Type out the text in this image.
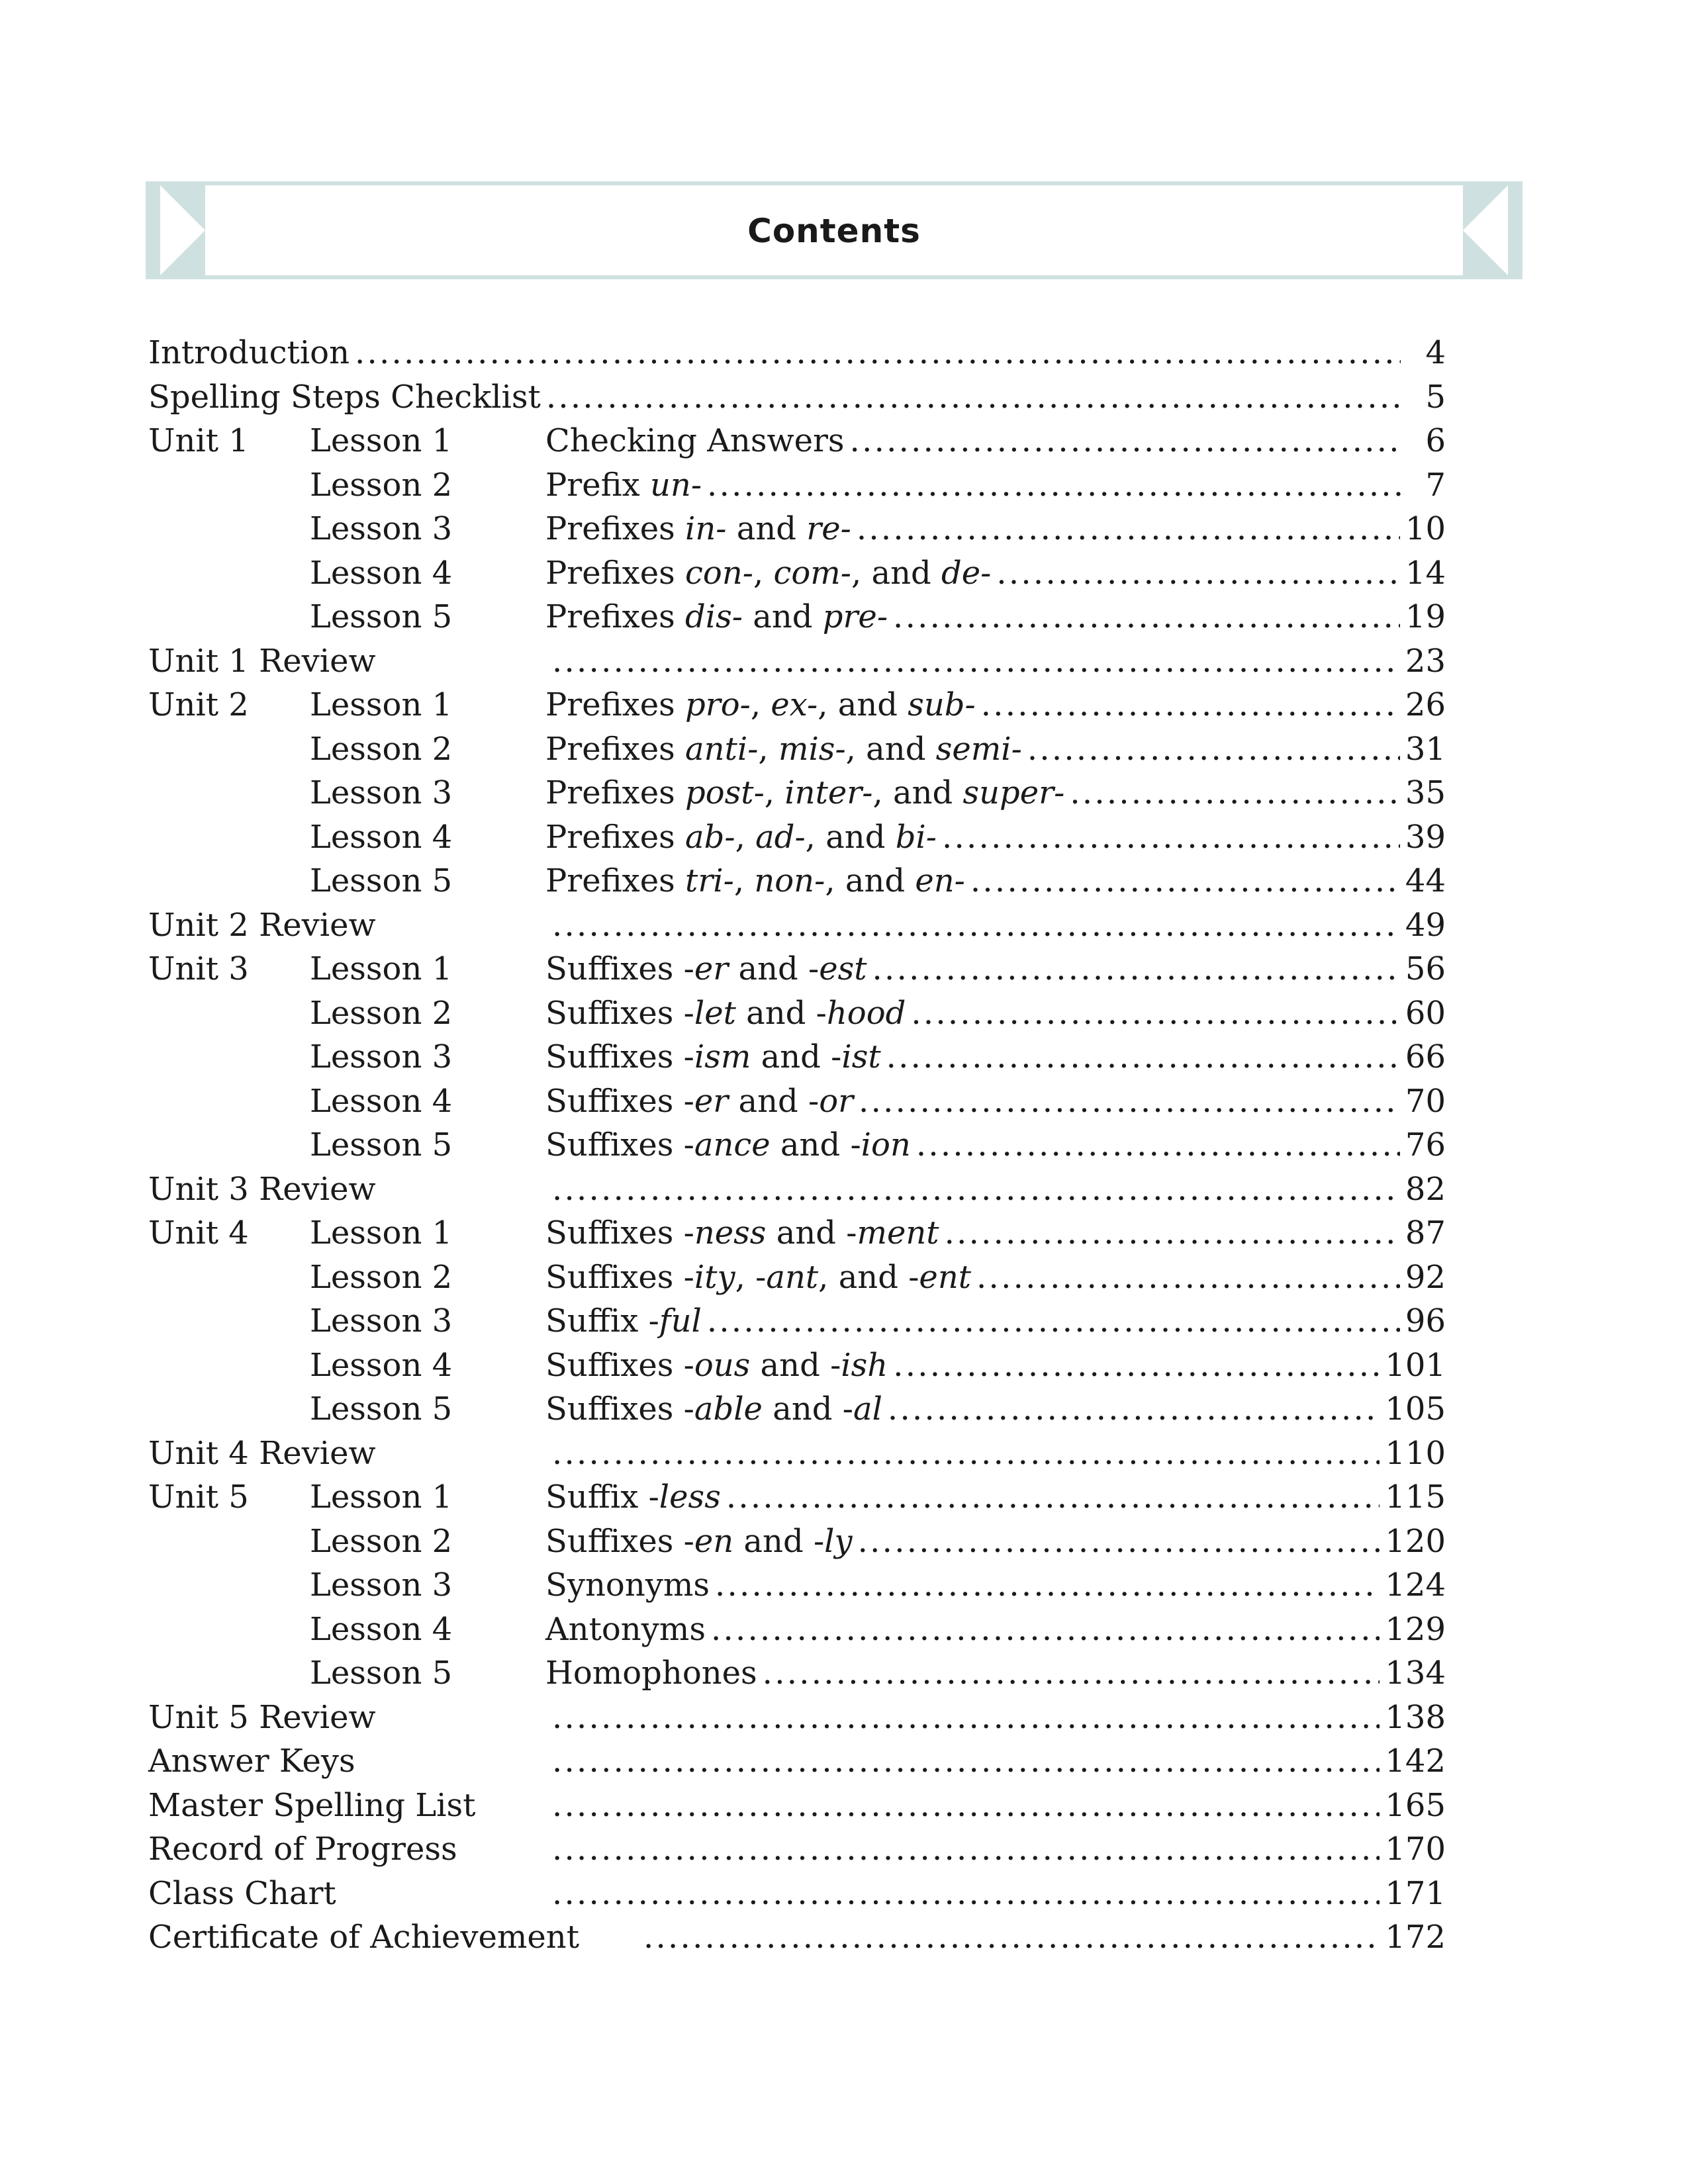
Contents
Introduction . . .	4
Spelling Steps Checklist . . .	5
Unit 1 Lesson 1	Checking Answers . . .	6
Lesson 2	Prefix un- . . .	7
Lesson 3	Prefixes in- and re- . . .	10
Lesson 4	Prefixes con-, com-, and de- . . .	14
Lesson 5	Prefixes dis- and pre- . . .	19
Unit 1 Review . . .	23
Unit 2 Lesson 1	Prefixes pro-, ex-, and sub- . . .	26
Lesson 2	Prefixes anti-, mis-, and semi- . . .	31
Lesson 3	Prefixes post-, inter-, and super- . . .	35
Lesson 4	Prefixes ab-, ad-, and bi- . . .	39
Lesson 5	Prefixes tri-, non-, and en- . . .	44
Unit 2 Review . . .	49
Unit 3 Lesson 1	Suffixes -er and -est . . .	56
Lesson 2	Suffixes -let and -hood . . .	60
Lesson 3	Suffixes -ism and -ist . . .	66
Lesson 4	Suffixes -er and -or . . .	70
Lesson 5	Suffixes -ance and -ion . . .	76
Unit 3 Review . . .	82
Unit 4 Lesson 1	Suffixes -ness and -ment . . .	87
Lesson 2	Suffixes -ity, -ant, and -ent . . .	92
Lesson 3	Suffix -ful . . .	96
Lesson 4	Suffixes -ous and -ish . . .	101
Lesson 5	Suffixes -able and -al . . .	105
Unit 4 Review . . .	110
Unit 5 Lesson 1	Suffix -less . . .	115
Lesson 2	Suffixes -en and -ly . . .	120
Lesson 3	Synonyms . . .	124
Lesson 4	Antonyms . . .	129
Lesson 5	Homophones . . .	134
Unit 5 Review . . .	138
Answer Keys . . .	142
Master Spelling List . . .	165
Record of Progress . . .	170
Class Chart . . .	171
Certificate of Achievement . . .	172
